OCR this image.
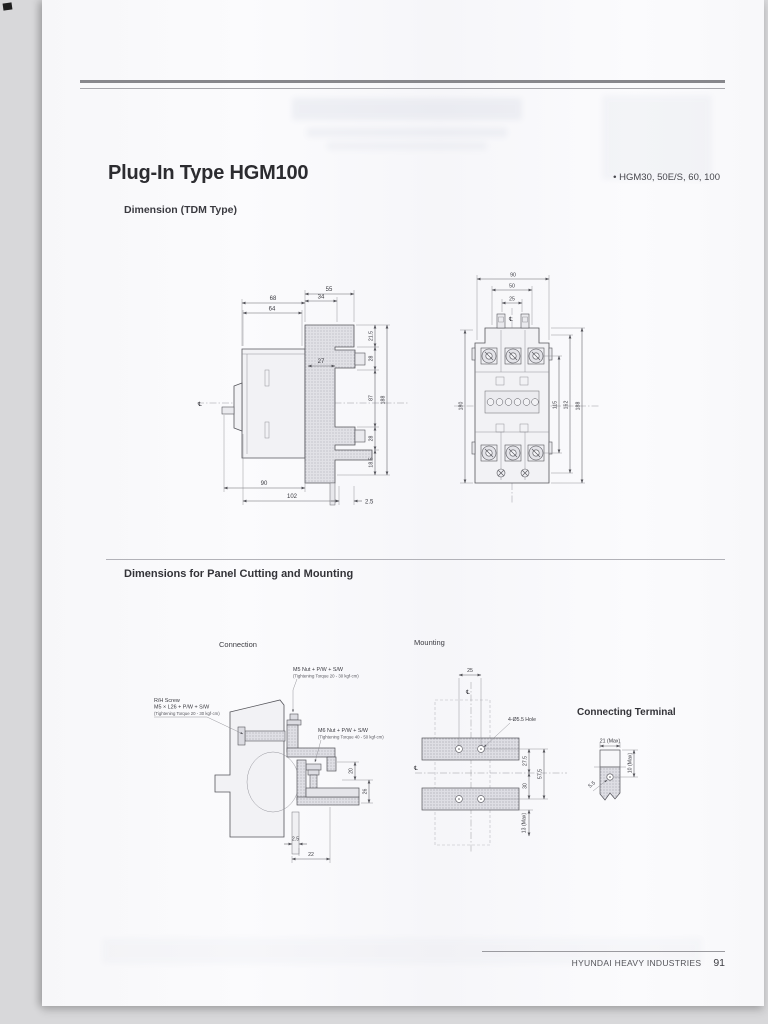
Plug-In Type HGM100	• HGM30, 50E/S, 60, 100
Dimension (TDM Type)
55
68
64
34
27
21.5
28
87
28
18.5
188
90
102
2.5
℄
90
50
25
℄
180	115 162 188
Dimensions for Panel Cutting and Mounting
Connection	Mounting
Connecting Terminal
M5 Nut + P/W + S/W
(Tightening Torque 20 - 30 kgf·cm)
R/H Screw
M5 × L26 + P/W + S/W
(Tightening Torque 20 - 30 kgf·cm)
M6 Nut + P/W + S/W
(Tightening Torque 40 - 50 kgf·cm)
20
26
2.5
22
25
℄
℄
4-Ø5.5 Hole
27.5
30
57.5
13 (Max)
21 (Max)
10 (Max)
5.5
HYUNDAI HEAVY INDUSTRIES 91
